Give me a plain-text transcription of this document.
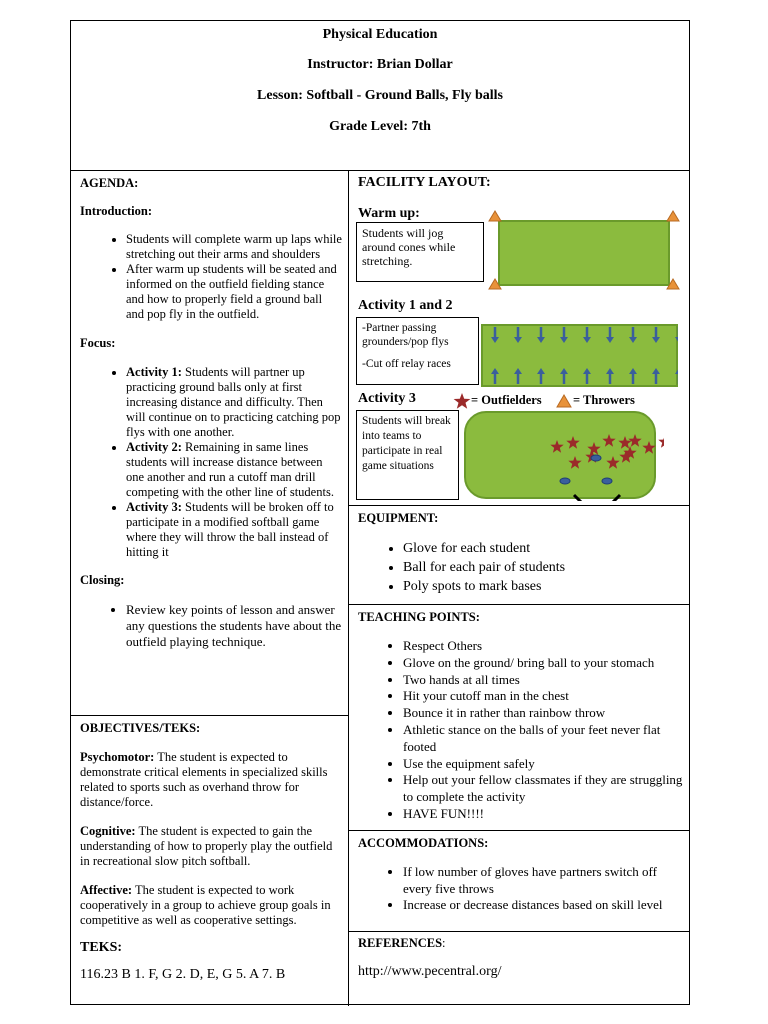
Physical Education
Instructor: Brian Dollar
Lesson: Softball - Ground Balls, Fly balls
Grade Level: 7th
AGENDA:
Introduction:
• Students will complete warm up laps while stretching out their arms and shoulders
• After warm up students will be seated and informed on the outfield fielding stance and how to properly field a ground ball and pop fly in the outfield.
Focus:
• Activity 1: Students will partner up practicing ground balls only at first increasing distance and difficulty. Then will continue on to practicing catching pop flys with one another.
• Activity 2: Remaining in same lines students will increase distance between one another and run a cutoff man drill competing with the other line of students.
• Activity 3: Students will be broken off to participate in a modified softball game where they will throw the ball instead of hitting it
Closing:
• Review key points of lesson and answer any questions the students have about the outfield playing technique.
OBJECTIVES/TEKS:
Psychomotor: The student is expected to demonstrate critical elements in specialized skills related to sports such as overhand throw for distance/force.
Cognitive: The student is expected to gain the understanding of how to properly play the outfield in recreational slow pitch softball.
Affective: The student is expected to work cooperatively in a group to achieve group goals in competitive as well as cooperative settings.
TEKS:
116.23 B 1. F, G 2. D, E, G 5. A 7. B
FACILITY LAYOUT:
Warm up:
Students will jog around cones while stretching.
Activity 1 and 2
-Partner passing grounders/pop flys
-Cut off relay races
Activity 3	= Outfielders	= Throwers
Students will break into teams to participate in real game situations
EQUIPMENT:
• Glove for each student
• Ball for each pair of students
• Poly spots to mark bases
TEACHING POINTS:
• Respect Others
• Glove on the ground/ bring ball to your stomach
• Two hands at all times
• Hit your cutoff man in the chest
• Bounce it in rather than rainbow throw
• Athletic stance on the balls of your feet never flat footed
• Use the equipment safely
• Help out your fellow classmates if they are struggling to complete the activity
• HAVE FUN!!!!
ACCOMMODATIONS:
• If low number of gloves have partners switch off every five throws
• Increase or decrease distances based on skill level
REFERENCES:
http://www.pecentral.org/
